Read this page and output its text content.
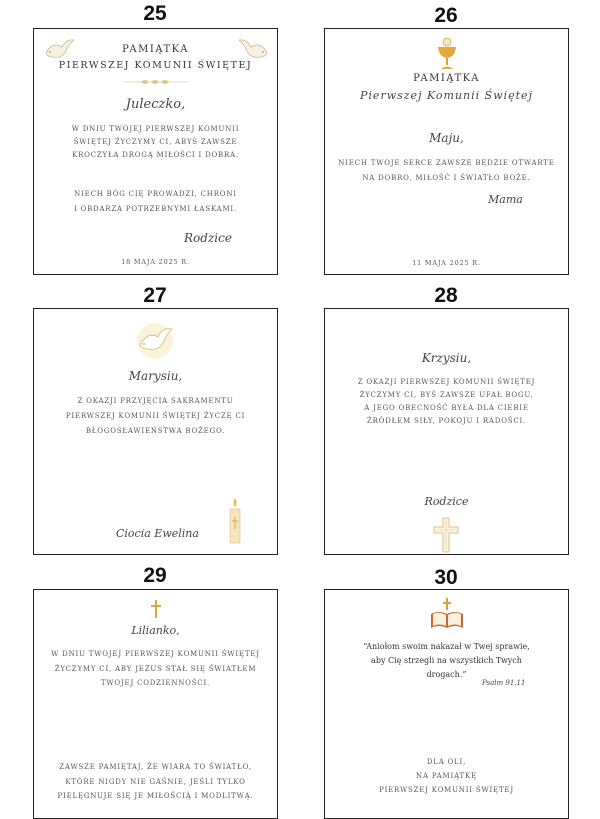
25	26
27	28
29	30
PAMIĄTKA
PIERWSZEJ KOMUNII ŚWIĘTEJ
Juleczko,
W DNIU TWOJEJ PIERWSZEJ KOMUNII
ŚWIĘTEJ ŻYCZYMY CI, ABYŚ ZAWSZE
KROCZYŁA DROGĄ MIŁOŚCI I DOBRA.
NIECH BÓG CIĘ PROWADZI, CHRONI
I OBDARZA POTRZEBNYMI ŁASKAMI.
Rodzice
18 MAJA 2025 R.
PAMIĄTKA
Pierwszej Komunii Świętej
Maju,
NIECH TWOJE SERCE ZAWSZE BĘDZIE OTWARTE
NA DOBRO, MIŁOŚĆ I ŚWIATŁO BOŻE.
Mama
11 MAJA 2025 R.
Marysiu,
Z OKAZJI PRZYJĘCIA SAKRAMENTU
PIERWSZEJ KOMUNII ŚWIĘTEJ ŻYCZĘ CI
BŁOGOSŁAWIEŃSTWA BOŻEGO.
Ciocia Ewelina
Krzysiu,
Z OKAZJI PIERWSZEJ KOMUNII ŚWIĘTEJ
ŻYCZYMY CI, BYŚ ZAWSZE UFAŁ BOGU,
A JEGO OBECNOŚĆ BYŁA DLA CIEBIE
ŹRÓDŁEM SIŁY, POKOJU I RADOŚCI.
Rodzice
Lilianko,
W DNIU TWOJEJ PIERWSZEJ KOMUNII ŚWIĘTEJ
ŻYCZYMY CI, ABY JEZUS STAŁ SIĘ ŚWIATŁEM
TWOJEJ CODZIENNOŚCI.
ZAWSZE PAMIĘTAJ, ŻE WIARA TO ŚWIATŁO,
KTÓRE NIGDY NIE GAŚNIE, JEŚLI TYLKO
PIELĘGNUJE SIĘ JE MIŁOŚCIĄ I MODLITWĄ.
“Aniołom swoim nakazał w Twej sprawie,
aby Cię strzegli na wszystkich Twych
drogach.”
Psalm 91,11
DLA OLI,
NA PAMIĄTKĘ
PIERWSZEJ KOMUNII ŚWIĘTEJ
